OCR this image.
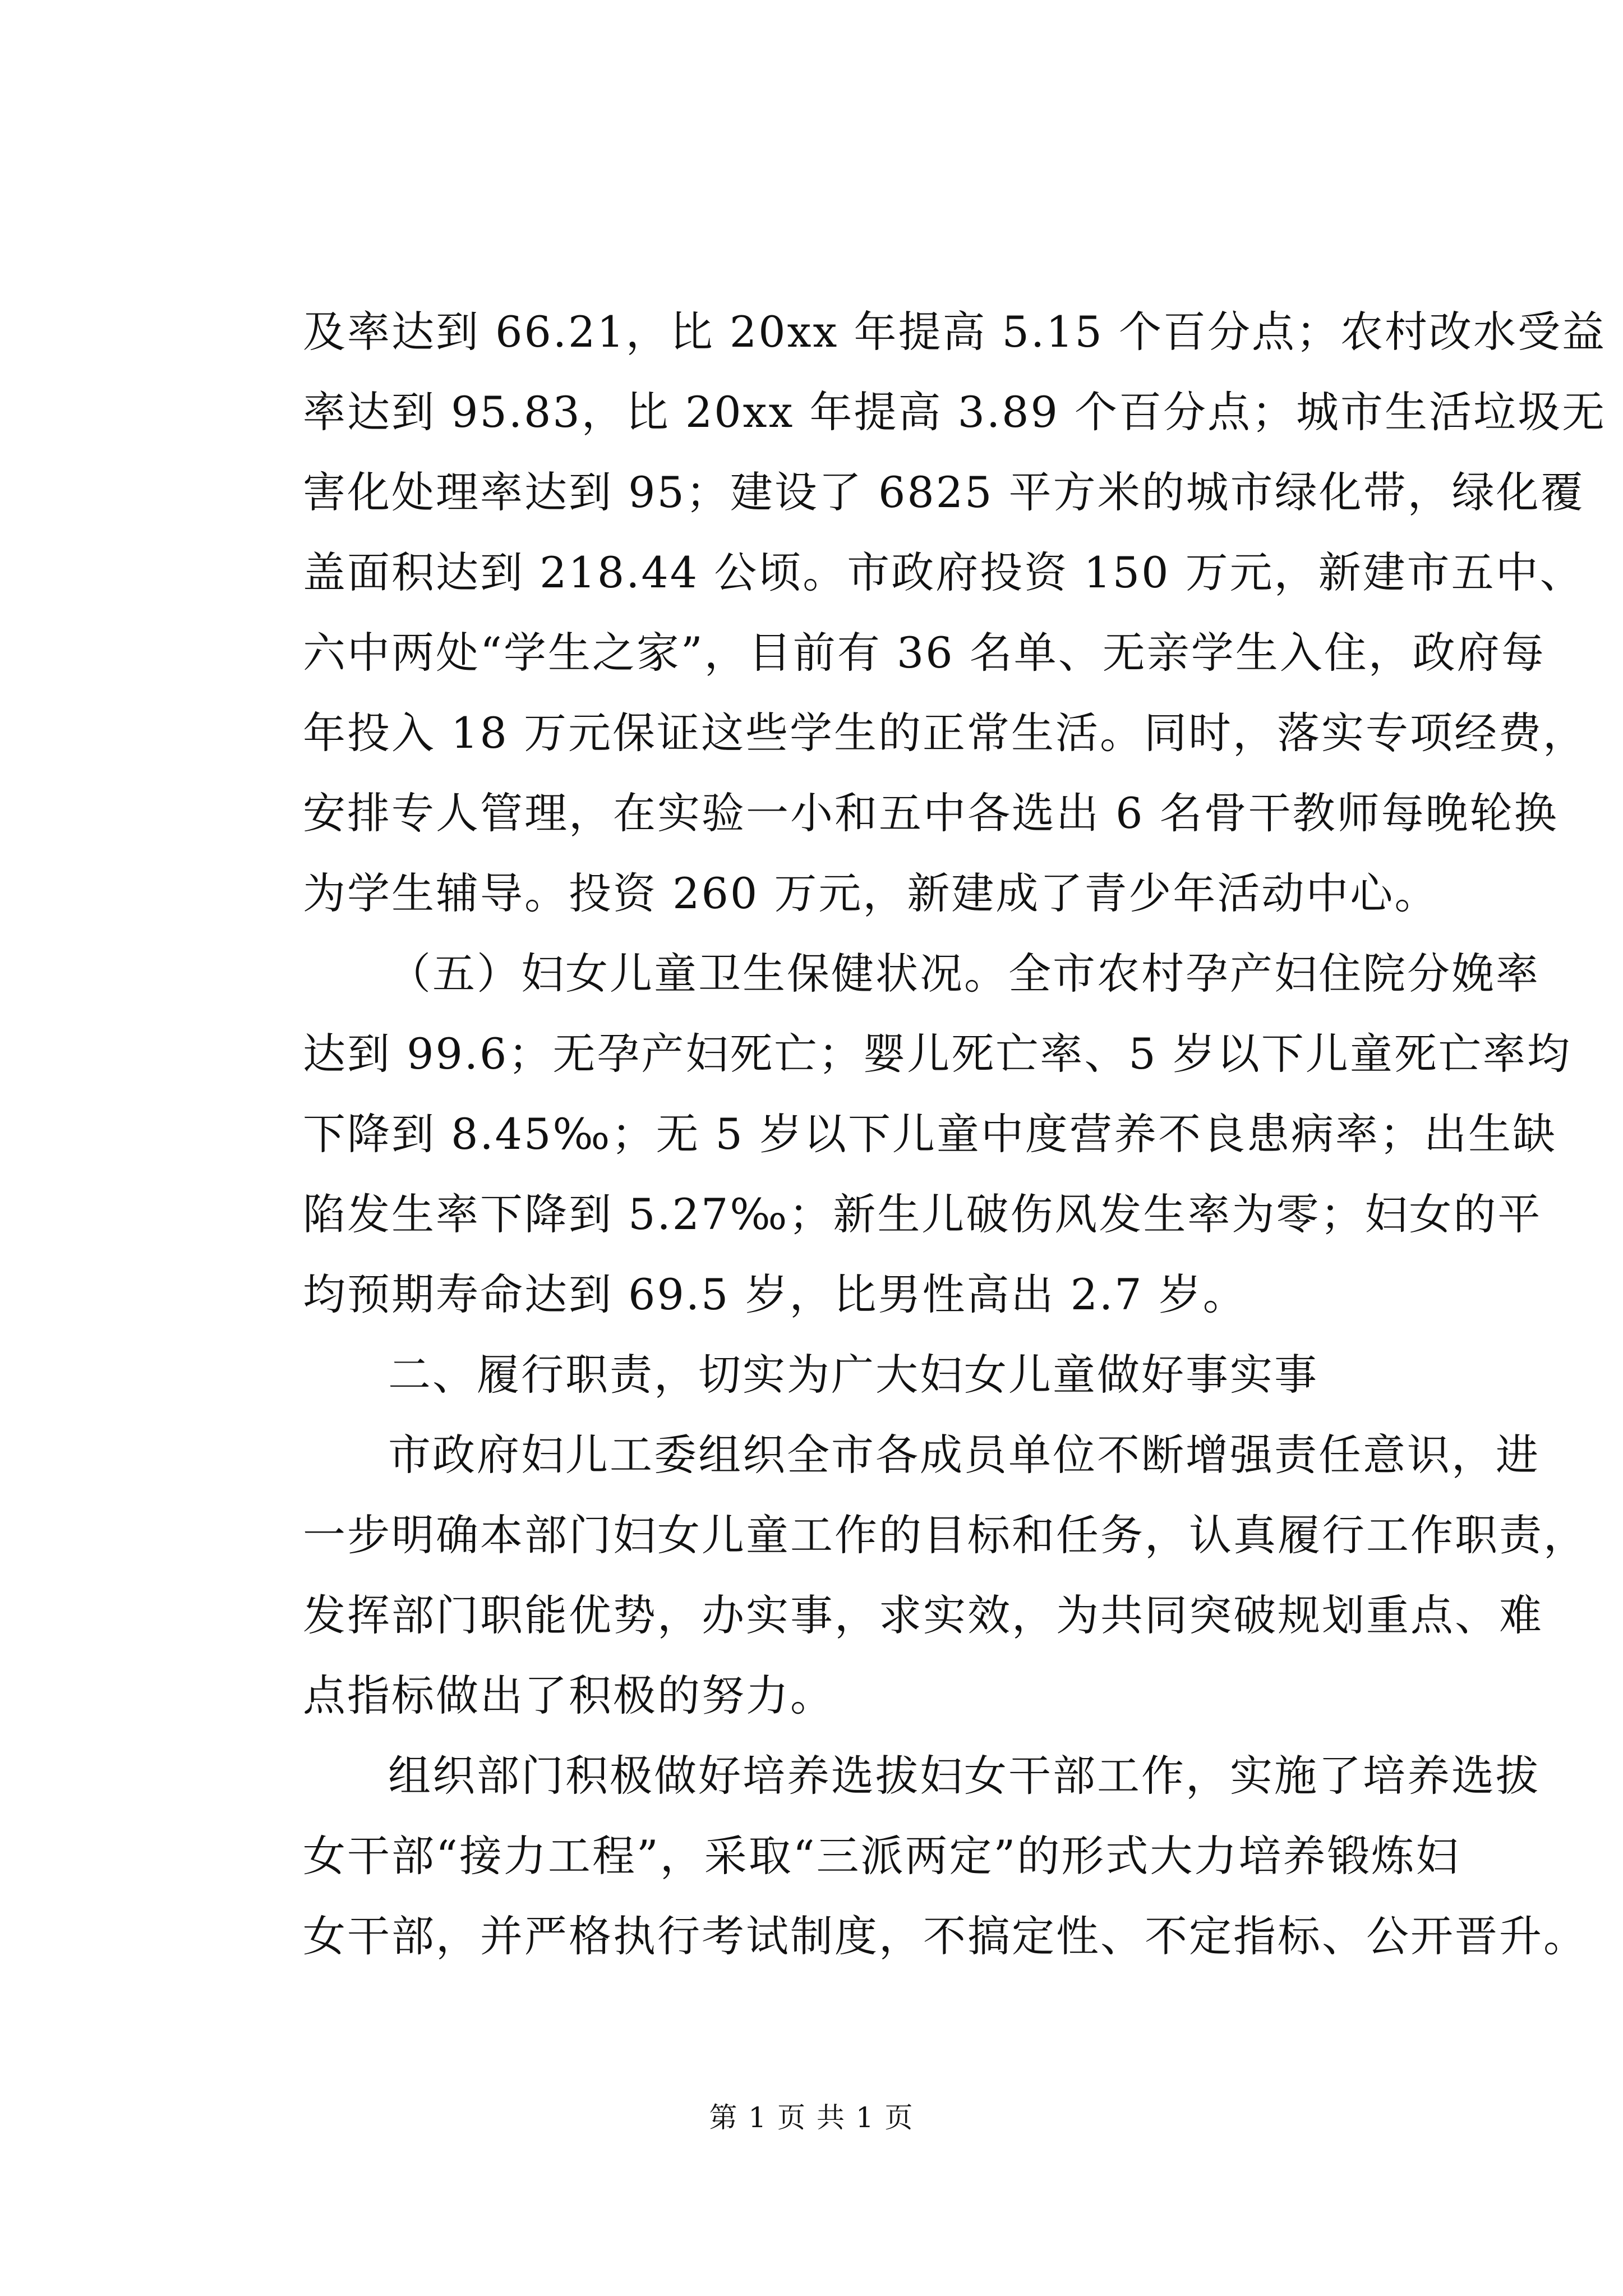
及率达到 66.21，比 20xx 年提高 5.15 个百分点；农村改水受益
率达到 95.83，比 20xx 年提高 3.89 个百分点；城市生活垃圾无
害化处理率达到 95；建设了 6825 平方米的城市绿化带，绿化覆
盖面积达到 218.44 公顷。市政府投资 150 万元，新建市五中、
六中两处“学生之家”，目前有 36 名单、无亲学生入住，政府每
年投入 18 万元保证这些学生的正常生活。同时，落实专项经费，
安排专人管理，在实验一小和五中各选出 6 名骨干教师每晚轮换
为学生辅导。投资 260 万元，新建成了青少年活动中心。
（五）妇女儿童卫生保健状况。全市农村孕产妇住院分娩率
达到 99.6；无孕产妇死亡；婴儿死亡率、5 岁以下儿童死亡率均
下降到 8.45‰；无 5 岁以下儿童中度营养不良患病率；出生缺
陷发生率下降到 5.27‰；新生儿破伤风发生率为零；妇女的平
均预期寿命达到 69.5 岁，比男性高出 2.7 岁。
二、履行职责，切实为广大妇女儿童做好事实事
市政府妇儿工委组织全市各成员单位不断增强责任意识，进
一步明确本部门妇女儿童工作的目标和任务，认真履行工作职责，
发挥部门职能优势，办实事，求实效，为共同突破规划重点、难
点指标做出了积极的努力。
组织部门积极做好培养选拔妇女干部工作，实施了培养选拔
女干部“接力工程”，采取“三派两定”的形式大力培养锻炼妇
女干部，并严格执行考试制度，不搞定性、不定指标、公开晋升。
第 1 页 共 1 页
